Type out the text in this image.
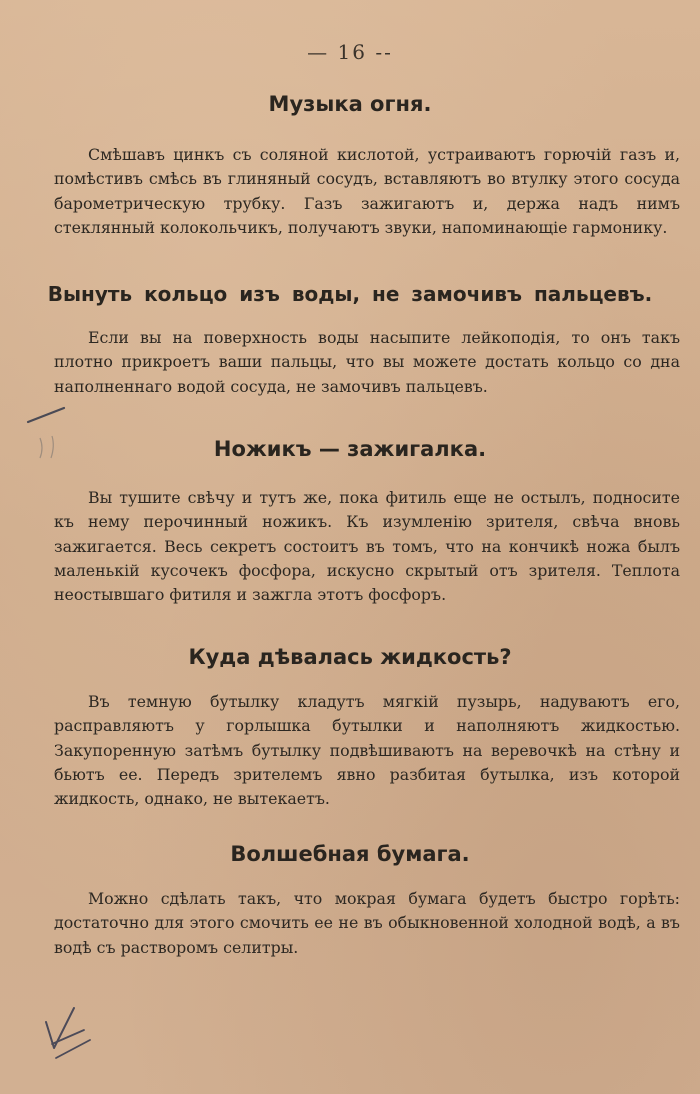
— 16 --
Музыка огня.
Смѣшавъ цинкъ съ соляной кислотой, устраиваютъ горючій газъ и, помѣстивъ смѣсь въ глиняный сосудъ, вставляютъ во втулку этого сосуда барометрическую трубку. Газъ зажигаютъ и, держа надъ нимъ стеклянный колокольчикъ, получаютъ звуки, напоминающіе гармонику.
Вынуть кольцо изъ воды, не замочивъ пальцевъ.
Если вы на поверхность воды насыпите лейкоподія, то онъ такъ плотно прикроетъ ваши пальцы, что вы можете достать кольцо со дна наполненнаго водой сосуда, не замочивъ пальцевъ.
Ножикъ — зажигалка.
Вы тушите свѣчу и тутъ же, пока фитиль еще не остылъ, подносите къ нему перочинный ножикъ. Къ изумленію зрителя, свѣча вновь зажигается. Весь секретъ состоитъ въ томъ, что на кончикѣ ножа былъ маленькій кусочекъ фосфора, искусно скрытый отъ зрителя. Теплота неостывшаго фитиля и зажгла этотъ фосфоръ.
Куда дѣвалась жидкость?
Въ темную бутылку кладутъ мягкій пузырь, надуваютъ его, расправляютъ у горлышка бутылки и наполняютъ жидкостью. Закупоренную затѣмъ бутылку подвѣшиваютъ на веревочкѣ на стѣну и бьютъ ее. Передъ зрителемъ явно разбитая бутылка, изъ которой жидкость, однако, не вытекаетъ.
Волшебная бумага.
Можно сдѣлать такъ, что мокрая бумага будетъ быстро горѣть: достаточно для этого смочить ее не въ обыкновенной холодной водѣ, а въ водѣ съ растворомъ селитры.
